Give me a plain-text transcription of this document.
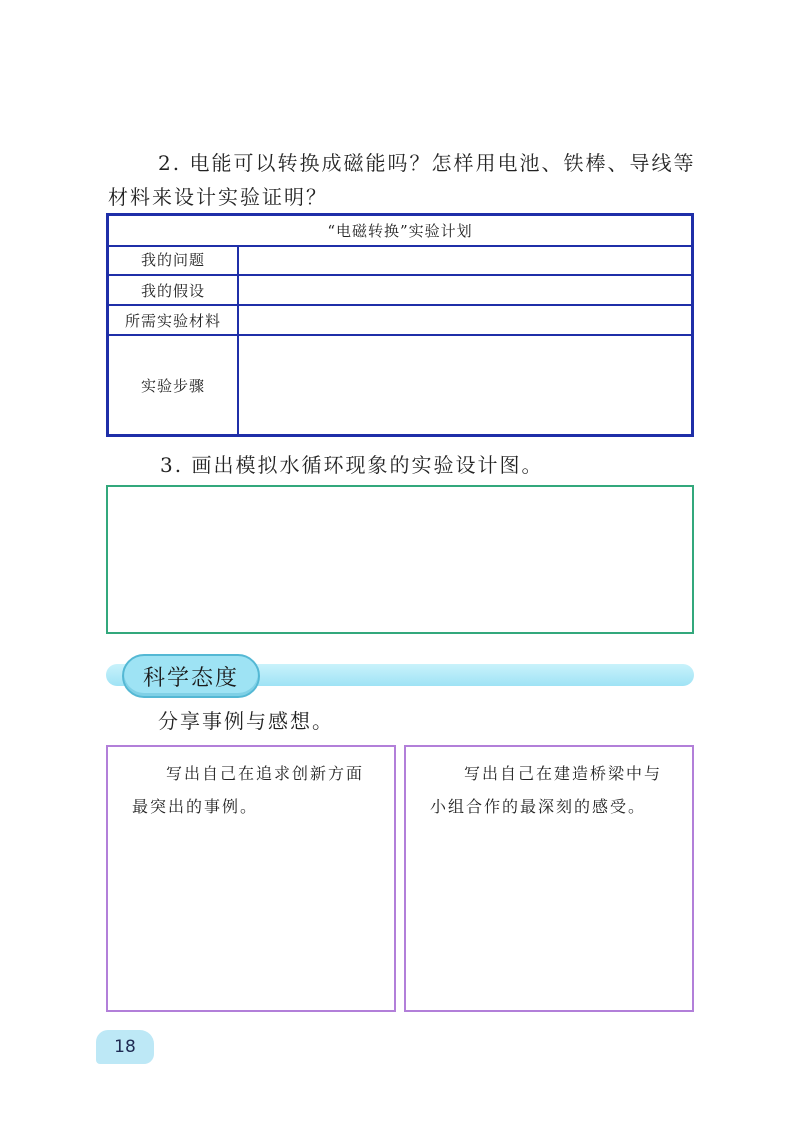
2. 电能可以转换成磁能吗？怎样用电池、铁棒、导线等材料来设计实验证明？
“电磁转换”实验计划
我的问题
我的假设
所需实验材料
实验步骤
3. 画出模拟水循环现象的实验设计图。
科学态度
分享事例与感想。
写出自己在追求创新方面最突出的事例。
写出自己在建造桥梁中与小组合作的最深刻的感受。
18
